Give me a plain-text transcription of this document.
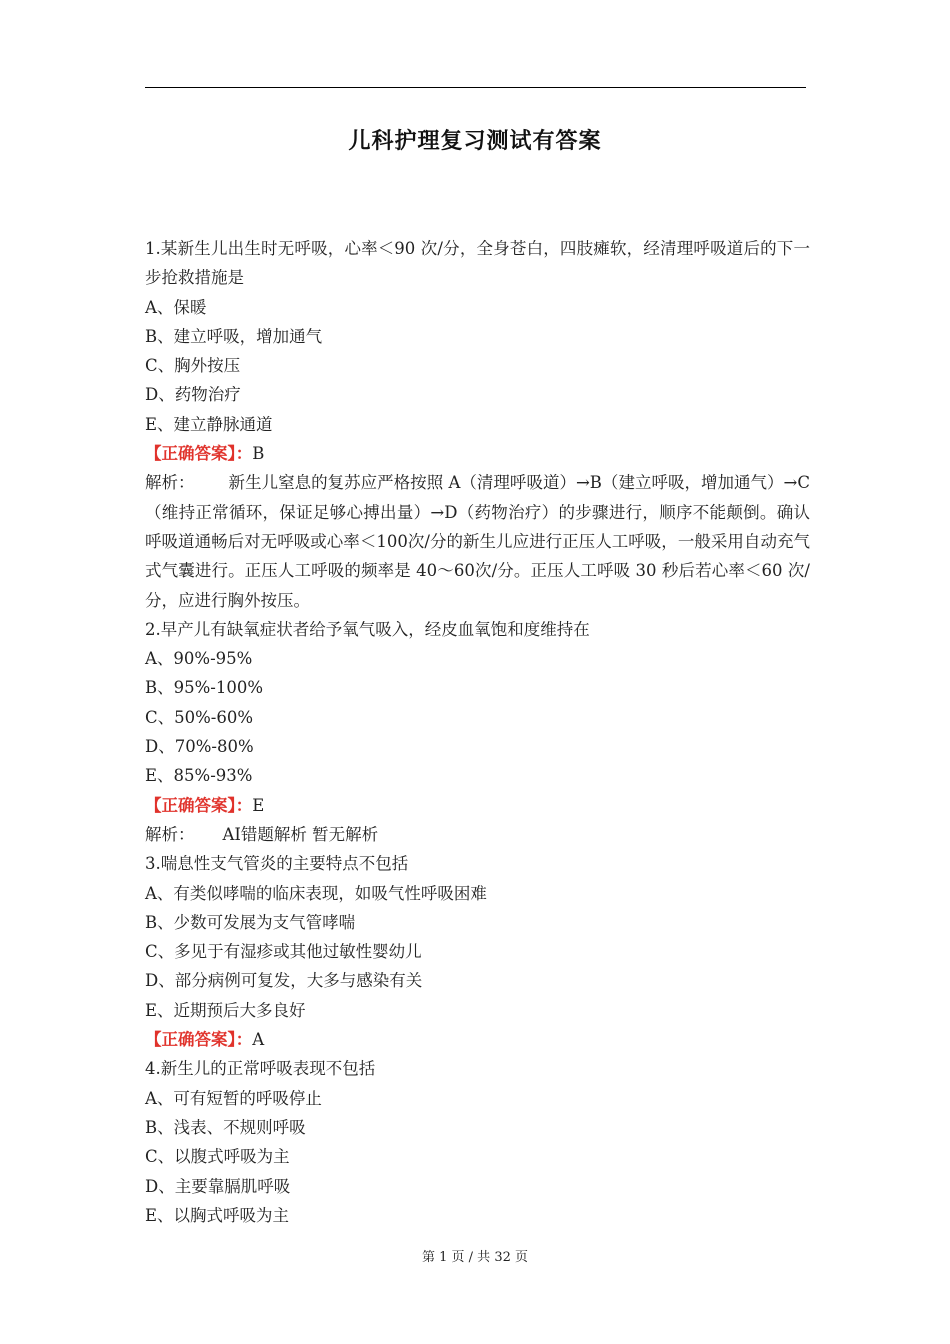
儿科护理复习测试有答案
1.某新生儿出生时无呼吸，心率＜90 次/分，全身苍白，四肢瘫软，经清理呼吸道后的下一步抢救措施是
A、保暖
B、建立呼吸，增加通气
C、胸外按压
D、药物治疗
E、建立静脉通道
【正确答案】：B
解析： 新生儿窒息的复苏应严格按照 A（清理呼吸道）→B（建立呼吸，增加通气）→C（维持正常循环，保证足够心搏出量）→D（药物治疗）的步骤进行，顺序不能颠倒。确认呼吸道通畅后对无呼吸或心率＜100次/分的新生儿应进行正压人工呼吸，一般采用自动充气式气囊进行。正压人工呼吸的频率是 40～60次/分。正压人工呼吸 30 秒后若心率＜60 次/分，应进行胸外按压。
2.早产儿有缺氧症状者给予氧气吸入，经皮血氧饱和度维持在
A、90%-95%
B、95%-100%
C、50%-60%
D、70%-80%
E、85%-93%
【正确答案】：E
解析： AI错题解析 暂无解析
3.喘息性支气管炎的主要特点不包括
A、有类似哮喘的临床表现，如吸气性呼吸困难
B、少数可发展为支气管哮喘
C、多见于有湿疹或其他过敏性婴幼儿
D、部分病例可复发，大多与感染有关
E、近期预后大多良好
【正确答案】：A
4.新生儿的正常呼吸表现不包括
A、可有短暂的呼吸停止
B、浅表、不规则呼吸
C、以腹式呼吸为主
D、主要靠膈肌呼吸
E、以胸式呼吸为主
第 1 页 / 共 32 页
